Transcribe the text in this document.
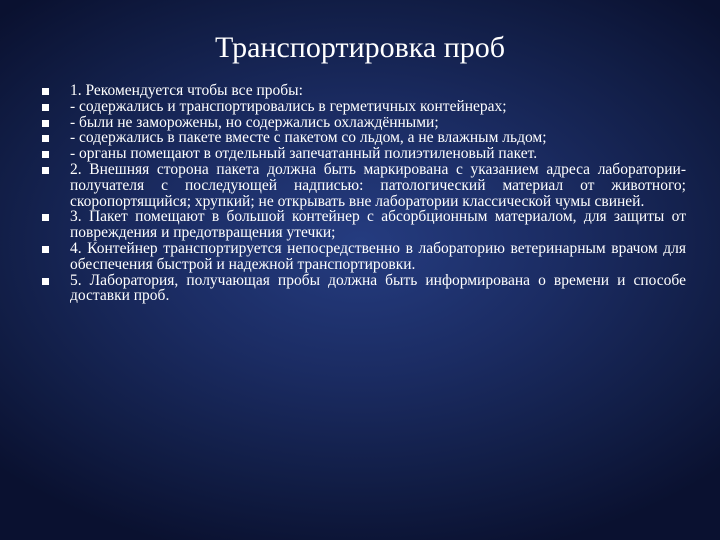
Транспортировка проб
1. Рекомендуется чтобы все пробы:
- содержались и транспортировались в герметичных контейнерах;
- были не заморожены, но содержались охлаждёнными;
- содержались в пакете вместе с пакетом со льдом, а не влажным льдом;
- органы помещают в отдельный запечатанный полиэтиленовый пакет.
2. Внешняя сторона пакета должна быть маркирована с указанием адреса лаборатории- получателя с последующей надписью: патологический материал от животного; скоропортящийся; хрупкий; не открывать вне лаборатории классической чумы свиней.
3. Пакет помещают в большой контейнер с абсорбционным материалом, для защиты от повреждения и предотвращения утечки;
4. Контейнер транспортируется непосредственно в лабораторию ветеринарным врачом для обеспечения быстрой и надежной транспортировки.
5. Лаборатория, получающая пробы должна быть информирована о времени и способе доставки проб.
